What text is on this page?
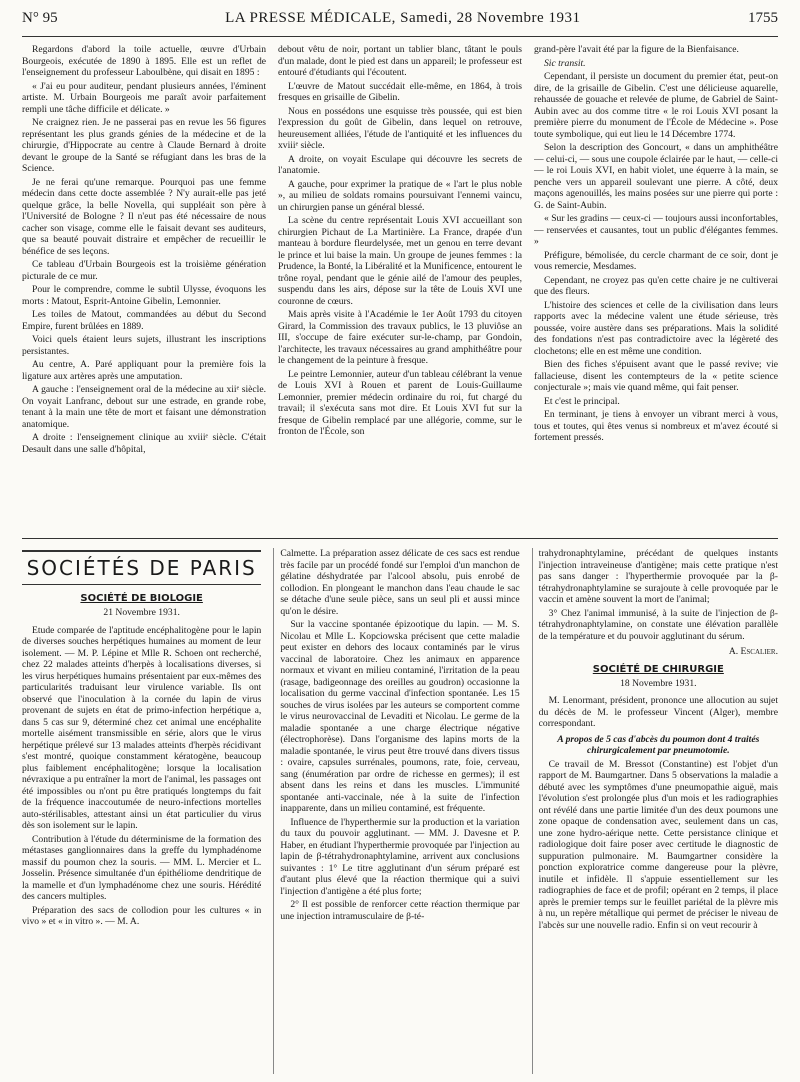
N° 95	LA PRESSE MÉDICALE, Samedi, 28 Novembre 1931	1755

Regardons d'abord la toile actuelle, œuvre d'Urbain Bourgeois, exécutée de 1890 à 1895. Elle est un reflet de l'enseignement du professeur Laboulbène, qui disait en 1895 :

« J'ai eu pour auditeur, pendant plusieurs années, l'éminent artiste. M. Urbain Bourgeois me paraît avoir parfaitement rempli une tâche difficile et délicate. »

Ne craignez rien. Je ne passerai pas en revue les 56 figures représentant les plus grands génies de la médecine et de la chirurgie, d'Hippocrate au centre à Claude Bernard à droite devant le groupe de la Santé se réfugiant dans les bras de la Science.

Je ne ferai qu'une remarque. Pourquoi pas une femme médecin dans cette docte assemblée ? N'y aurait-elle pas jeté quelque grâce, la belle Novella, qui suppléait son père à l'Université de Bologne ? Il n'eut pas été nécessaire de nous cacher son visage, comme elle le faisait devant ses auditeurs, que sa beauté pouvait distraire et empêcher de recueillir le bénéfice de ses leçons.

Ce tableau d'Urbain Bourgeois est la troisième génération picturale de ce mur.

Pour le comprendre, comme le subtil Ulysse, évoquons les morts : Matout, Esprit-Antoine Gibelin, Lemonnier.

Les toiles de Matout, commandées au début du Second Empire, furent brûlées en 1889.

Voici quels étaient leurs sujets, illustrant les inscriptions persistantes.

Au centre, A. Paré appliquant pour la première fois la ligature aux artères après une amputation.

A gauche : l'enseignement oral de la médecine au xiiᵉ siècle. On voyait Lanfranc, debout sur une estrade, en grande robe, tenant à la main une tête de mort et faisant une démonstration anatomique.

A droite : l'enseignement clinique au xviiiᵉ siècle. C'était Desault dans une salle d'hôpital,

debout vêtu de noir, portant un tablier blanc, tâtant le pouls d'un malade, dont le pied est dans un appareil; le professeur est entouré d'étudiants qui l'écoutent.

L'œuvre de Matout succédait elle-même, en 1864, à trois fresques en grisaille de Gibelin.

Nous en possédons une esquisse très poussée, qui est bien l'expression du goût de Gibelin, dans lequel on retrouve, heureusement alliées, l'étude de l'antiquité et les influences du xviiiᵉ siècle.

A droite, on voyait Esculape qui découvre les secrets de l'anatomie.

A gauche, pour exprimer la pratique de « l'art le plus noble », au milieu de soldats romains poursuivant l'ennemi vaincu, un chirurgien panse un général blessé.

La scène du centre représentait Louis XVI accueillant son chirurgien Pichaut de La Martinière. La France, drapée d'un manteau à bordure fleurdelysée, met un genou en terre devant le prince et lui baise la main. Un groupe de jeunes femmes : la Prudence, la Bonté, la Libéralité et la Munificence, entourent le trône royal, pendant que le génie ailé de l'amour des peuples, suspendu dans les airs, dépose sur la tête de Louis XVI une couronne de cœurs.

Mais après visite à l'Académie le 1er Août 1793 du citoyen Girard, la Commission des travaux publics, le 13 pluviôse an III, s'occupe de faire exécuter sur-le-champ, par Gondoin, l'architecte, les travaux nécessaires au grand amphithéâtre pour le changement de la peinture à fresque.

Le peintre Lemonnier, auteur d'un tableau célébrant la venue de Louis XVI à Rouen et parent de Louis-Guillaume Lemonnier, premier médecin ordinaire du roi, fut chargé du travail; il s'exécuta sans mot dire. Et Louis XVI fut sur la fresque de Gibelin remplacé par une allégorie, comme, sur le fronton de l'École, son

grand-père l'avait été par la figure de la Bienfaisance.

Sic transit.

Cependant, il persiste un document du premier état, peut-on dire, de la grisaille de Gibelin. C'est une délicieuse aquarelle, rehaussée de gouache et relevée de plume, de Gabriel de Saint-Aubin avec au dos comme titre « le roi Louis XVI posant la première pierre du monument de l'École de Médecine ». Pose toute symbolique, qui eut lieu le 14 Décembre 1774.

Selon la description des Goncourt, « dans un amphithéâtre — celui-ci, — sous une coupole éclairée par le haut, — celle-ci — le roi Louis XVI, en habit violet, une équerre à la main, se penche vers un appareil soulevant une pierre. A côté, deux maçons agenouillés, les mains posées sur une pierre qui porte : G. de Saint-Aubin.

« Sur les gradins — ceux-ci — toujours aussi inconfortables, — renservées et causantes, tout un public d'élégantes femmes. »

Préfigure, bémolisée, du cercle charmant de ce soir, dont je vous remercie, Mesdames.

Cependant, ne croyez pas qu'en cette chaire je ne cultiverai que des fleurs.

L'histoire des sciences et celle de la civilisation dans leurs rapports avec la médecine valent une étude sérieuse, très poussée, voire austère dans ses préparations. Mais la solidité des fondations n'est pas contradictoire avec la légèreté des clochetons; elle en est même une condition.

Bien des fiches s'épuisent avant que le passé revive; vie fallacieuse, disent les contempteurs de la « petite science conjecturale »; mais vie quand même, qui fait penser.

Et c'est le principal.

En terminant, je tiens à envoyer un vibrant merci à vous, tous et toutes, qui êtes venus si nombreux et m'avez écouté si fortement pressés.

SOCIÉTÉS DE PARIS
SOCIÉTÉ DE BIOLOGIE
21 Novembre 1931.

Etude comparée de l'aptitude encéphalitogène pour le lapin de diverses souches herpétiques humaines au moment de leur isolement. — M. P. Lépine et Mlle R. Schoen ont recherché, chez 22 malades atteints d'herpès à localisations diverses, si les virus herpétiques humains présentaient par eux-mêmes des particularités traduisant leur virulence variable. Ils ont observé que l'inoculation à la cornée du lapin de virus provenant de sujets en état de primo-infection herpétique a, dans 5 cas sur 9, déterminé chez cet animal une encéphalite mortelle aisément transmissible en série, alors que le virus herpétique prélevé sur 13 malades atteints d'herpès récidivant s'est montré, quoique constamment kératogène, beaucoup plus faiblement encéphalitogène; lorsque la localisation névraxique a pu entraîner la mort de l'animal, les passages ont été impossibles ou n'ont pu être pratiqués longtemps du fait de la fréquence inaccoutumée de neuro-infections mortelles auto-stérilisables, attestant ainsi un état particulier du virus dès son isolement sur le lapin.

Contribution à l'étude du déterminisme de la formation des métastases ganglionnaires dans la greffe du lymphadénome massif du poumon chez la souris. — MM. L. Mercier et L. Josselin. Présence simultanée d'un épithéliome dendritique de la mamelle et d'un lymphadénome chez une souris. Hérédité des cancers multiples.

Préparation des sacs de collodion pour les cultures « in vivo » et « in vitro ». — M. A.

Calmette. La préparation assez délicate de ces sacs est rendue très facile par un procédé fondé sur l'emploi d'un manchon de gélatine déshydratée par l'alcool absolu, puis enrobé de collodion. En plongeant le manchon dans l'eau chaude le sac se détache d'une seule pièce, sans un seul pli et aussi mince qu'on le désire.

Sur la vaccine spontanée épizootique du lapin. — M. S. Nicolau et Mlle L. Kopciowska précisent que cette maladie peut exister en dehors des locaux contaminés par le virus vaccinal de laboratoire. Chez les animaux en apparence normaux et vivant en milieu contaminé, l'irritation de la peau (rasage, badigeonnage des oreilles au goudron) occasionne la localisation du germe vaccinal d'infection spontanée. Les 15 souches de virus isolées par les auteurs se comportent comme le virus neurovaccinal de Levaditi et Nicolau. Le germe de la maladie spontanée a une charge électrique négative (électrophorèse). Dans l'organisme des lapins morts de la maladie spontanée, le virus peut être trouvé dans divers tissus : ovaire, capsules surrénales, poumons, rate, foie, cerveau, sang (énumération par ordre de richesse en germes); il est absent dans les reins et dans les muscles. L'immunité spontanée anti-vaccinale, née à la suite de l'infection inapparente, dans un milieu contaminé, est fréquente.

Influence de l'hyperthermie sur la production et la variation du taux du pouvoir agglutinant. — MM. J. Davesne et P. Haber, en étudiant l'hyperthermie provoquée par l'injection au lapin de β-tétrahydronaphtylamine, arrivent aux conclusions suivantes : 1° Le titre agglutinant d'un sérum préparé est d'autant plus élevé que la réaction thermique qui a suivi l'injection d'antigène a été plus forte;

2° Il est possible de renforcer cette réaction thermique par une injection intramusculaire de β-té-

trahydronaphtylamine, précédant de quelques instants l'injection intraveineuse d'antigène; mais cette pratique n'est pas sans danger : l'hyperthermie provoquée par la β-tétrahydronaphtylamine se surajoute à celle provoquée par le vaccin et amène souvent la mort de l'animal;

3° Chez l'animal immunisé, à la suite de l'injection de β-tétrahydronaphtylamine, on constate une élévation parallèle de la température et du pouvoir agglutinant du sérum.

A. Escalier.
SOCIÉTÉ DE CHIRURGIE
18 Novembre 1931.

M. Lenormant, président, prononce une allocution au sujet du décès de M. le professeur Vincent (Alger), membre correspondant.

A propos de 5 cas d'abcès du poumon dont 4 traités chirurgicalement par pneumotomie.

Ce travail de M. Bressot (Constantine) est l'objet d'un rapport de M. Baumgartner. Dans 5 observations la maladie a débuté avec les symptômes d'une pneumopathie aiguë, mais l'évolution s'est prolongée plus d'un mois et les radiographies ont révélé dans une partie limitée d'un des deux poumons une zone opaque de condensation avec, seulement dans un cas, une zone hydro-aérique nette. Cette persistance clinique et radiologique doit faire poser avec certitude le diagnostic de suppuration pulmonaire. M. Baumgartner considère la ponction exploratrice comme dangereuse pour la plèvre, inutile et infidèle. Il s'appuie essentiellement sur les radiographies de face et de profil; opérant en 2 temps, il place après le premier temps sur le feuillet pariétal de la plèvre mis à nu, un repère métallique qui permet de préciser le niveau de l'abcès sur une nouvelle radio. Enfin si on veut recourir à
